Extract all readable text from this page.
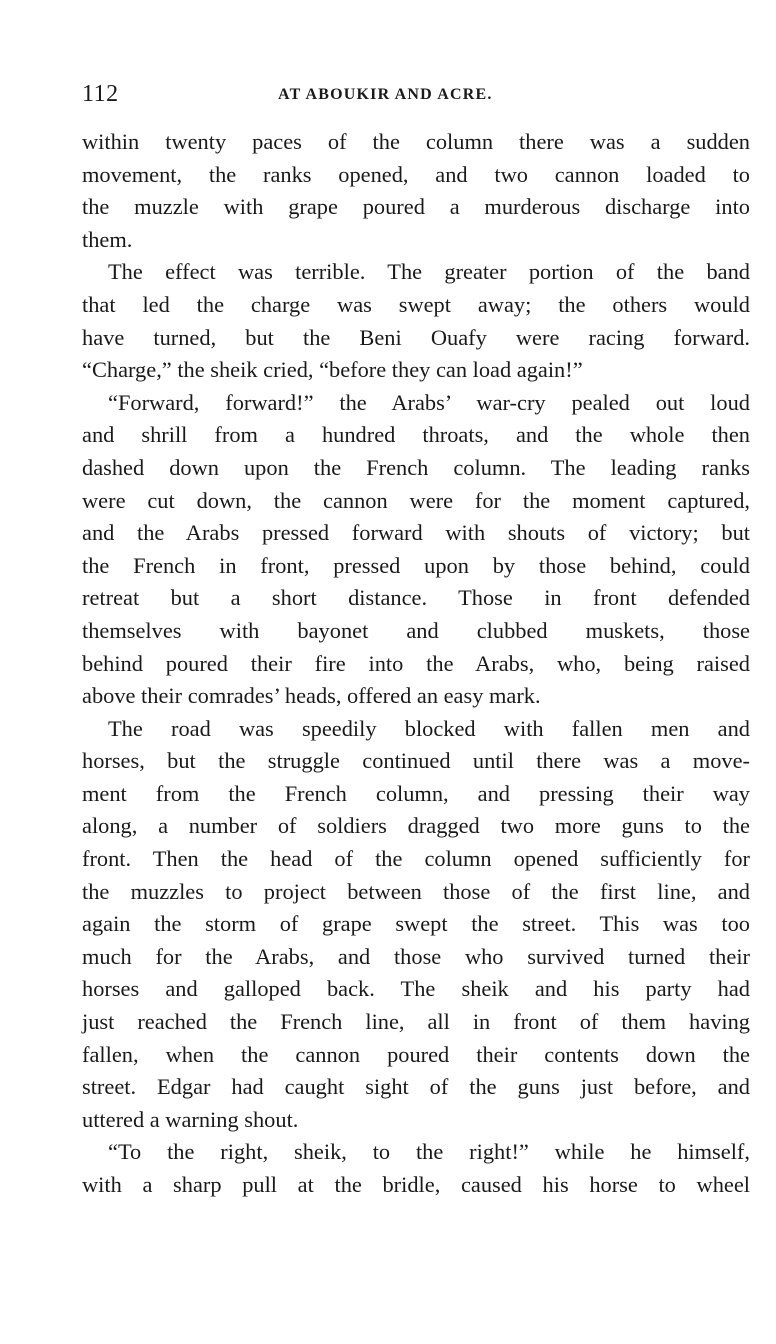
112	AT ABOUKIR AND ACRE.
within twenty paces of the column there was a sudden
movement, the ranks opened, and two cannon loaded to
the muzzle with grape poured a murderous discharge into
them.
The effect was terrible. The greater portion of the band
that led the charge was swept away; the others would
have turned, but the Beni Ouafy were racing forward.
“Charge,” the sheik cried, “before they can load again!”
“Forward, forward!” the Arabs’ war-cry pealed out loud
and shrill from a hundred throats, and the whole then
dashed down upon the French column. The leading ranks
were cut down, the cannon were for the moment captured,
and the Arabs pressed forward with shouts of victory; but
the French in front, pressed upon by those behind, could
retreat but a short distance. Those in front defended
themselves with bayonet and clubbed muskets, those
behind poured their fire into the Arabs, who, being raised
above their comrades’ heads, offered an easy mark.
The road was speedily blocked with fallen men and
horses, but the struggle continued until there was a move-
ment from the French column, and pressing their way
along, a number of soldiers dragged two more guns to the
front. Then the head of the column opened sufficiently for
the muzzles to project between those of the first line, and
again the storm of grape swept the street. This was too
much for the Arabs, and those who survived turned their
horses and galloped back. The sheik and his party had
just reached the French line, all in front of them having
fallen, when the cannon poured their contents down the
street. Edgar had caught sight of the guns just before, and
uttered a warning shout.
“To the right, sheik, to the right!” while he himself,
with a sharp pull at the bridle, caused his horse to wheel
